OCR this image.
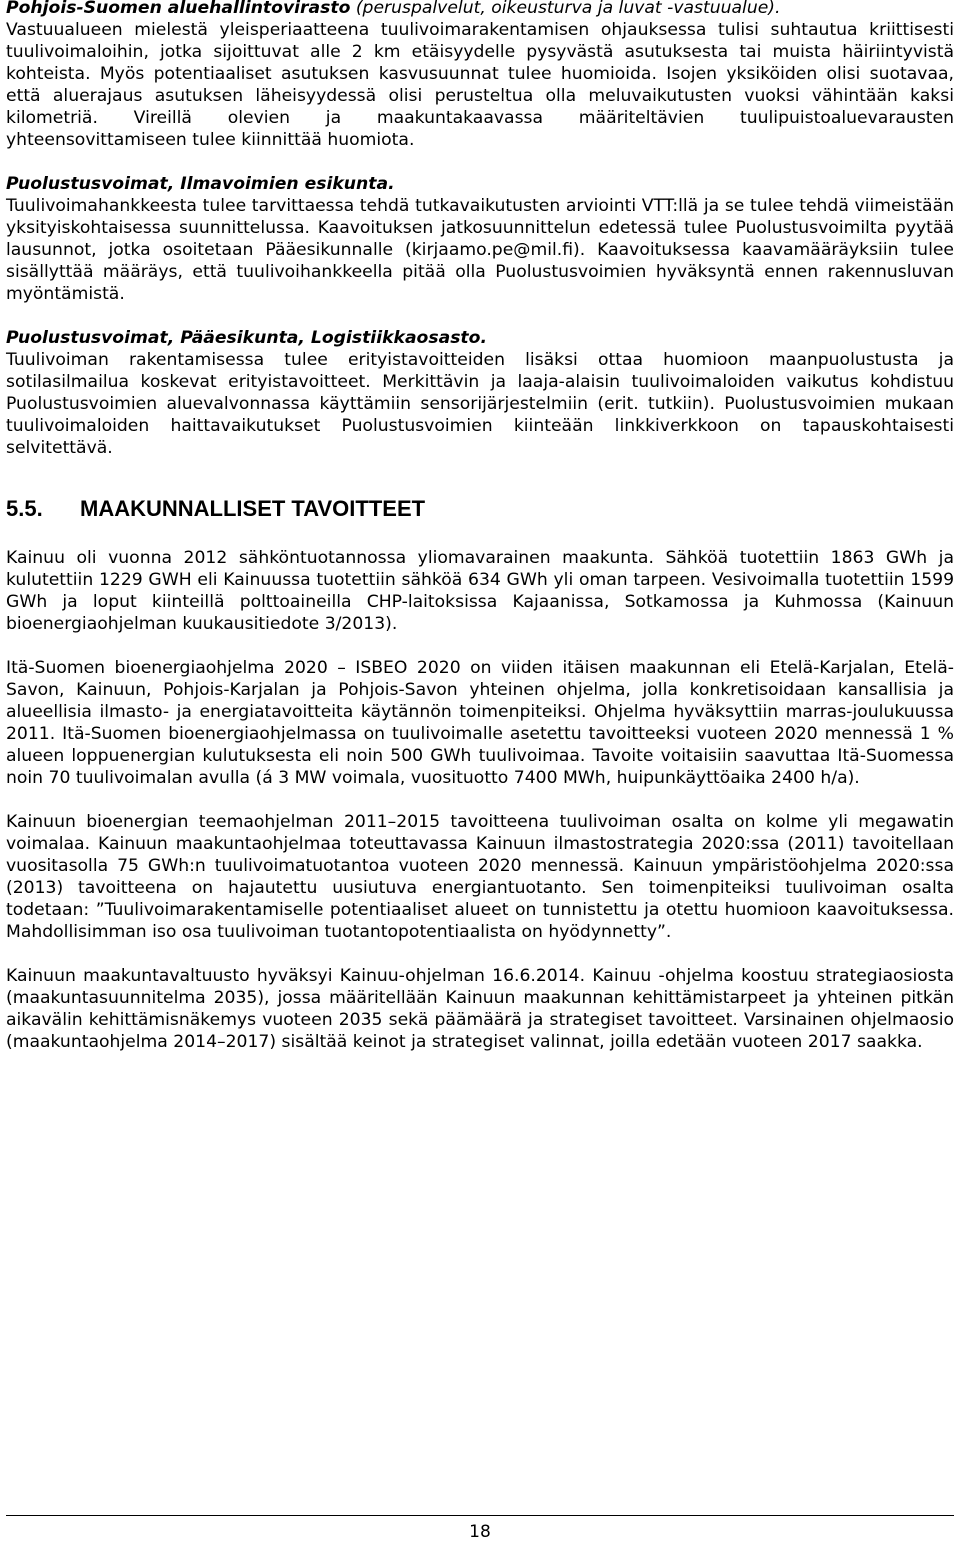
Pohjois-Suomen aluehallintovirasto (peruspalvelut, oikeusturva ja luvat -vastuualue).
Vastuualueen mielestä yleisperiaatteena tuulivoimarakentamisen ohjauksessa tulisi suhtautua kriittisesti tuulivoimaloihin, jotka sijoittuvat alle 2 km etäisyydelle pysyvästä asutuksesta tai muista häiriintyvistä kohteista. Myös potentiaaliset asutuksen kasvusuunnat tulee huomioida. Isojen yksiköiden olisi suotavaa, että aluerajaus asutuksen läheisyydessä olisi perusteltua olla meluvaikutusten vuoksi vähintään kaksi kilometriä. Vireillä olevien ja maakuntakaavassa määriteltävien tuulipuistoaluevarausten yhteensovittamiseen tulee kiinnittää huomiota.

Puolustusvoimat, Ilmavoimien esikunta.
Tuulivoimahankkeesta tulee tarvittaessa tehdä tutkavaikutusten arviointi VTT:llä ja se tulee tehdä viimeistään yksityiskohtaisessa suunnittelussa. Kaavoituksen jatkosuunnittelun edetessä tulee Puolustusvoimilta pyytää lausunnot, jotka osoitetaan Pääesikunnalle (kirjaamo.pe@mil.fi). Kaavoituksessa kaavamääräyksiin tulee sisällyttää määräys, että tuulivoihankkeella pitää olla Puolustusvoimien hyväksyntä ennen rakennusluvan myöntämistä.

Puolustusvoimat, Pääesikunta, Logistiikkaosasto.
Tuulivoiman rakentamisessa tulee erityistavoitteiden lisäksi ottaa huomioon maanpuolustusta ja sotilasilmailua koskevat erityistavoitteet. Merkittävin ja laaja-alaisin tuulivoimaloiden vaikutus kohdistuu Puolustusvoimien aluevalvonnassa käyttämiin sensorijärjestelmiin (erit. tutkiin). Puolustusvoimien mukaan tuulivoimaloiden haittavaikutukset Puolustusvoimien kiinteään linkkiverkkoon on tapauskohtaisesti selvitettävä.

5.5.	MAAKUNNALLISET TAVOITTEET

Kainuu oli vuonna 2012 sähköntuotannossa yliomavarainen maakunta. Sähköä tuotettiin 1863 GWh ja kulutettiin 1229 GWH eli Kainuussa tuotettiin sähköä 634 GWh yli oman tarpeen. Vesivoimalla tuotettiin 1599 GWh ja loput kiinteillä polttoaineilla CHP-laitoksissa Kajaanissa, Sotkamossa ja Kuhmossa (Kainuun bioenergiaohjelman kuukausitiedote 3/2013).

Itä-Suomen bioenergiaohjelma 2020 – ISBEO 2020 on viiden itäisen maakunnan eli Etelä-Karjalan, Etelä-Savon, Kainuun, Pohjois-Karjalan ja Pohjois-Savon yhteinen ohjelma, jolla konkretisoidaan kansallisia ja alueellisia ilmasto- ja energiatavoitteita käytännön toimenpiteiksi. Ohjelma hyväksyttiin marras-joulukuussa 2011. Itä-Suomen bioenergiaohjelmassa on tuulivoimalle asetettu tavoitteeksi vuoteen 2020 mennessä 1 % alueen loppuenergian kulutuksesta eli noin 500 GWh tuulivoimaa. Tavoite voitaisiin saavuttaa Itä-Suomessa noin 70 tuulivoimalan avulla (á 3 MW voimala, vuosituotto 7400 MWh, huipunkäyttöaika 2400 h/a).

Kainuun bioenergian teemaohjelman 2011–2015 tavoitteena tuulivoiman osalta on kolme yli megawatin voimalaa. Kainuun maakuntaohjelmaa toteuttavassa Kainuun ilmastostrategia 2020:ssa (2011) tavoitellaan vuositasolla 75 GWh:n tuulivoimatuotantoa vuoteen 2020 mennessä. Kainuun ympäristöohjelma 2020:ssa (2013) tavoitteena on hajautettu uusiutuva energiantuotanto. Sen toimenpiteiksi tuulivoiman osalta todetaan: ”Tuulivoimarakentamiselle potentiaaliset alueet on tunnistettu ja otettu huomioon kaavoituksessa. Mahdollisimman iso osa tuulivoiman tuotantopotentiaalista on hyödynnetty”.

Kainuun maakuntavaltuusto hyväksyi Kainuu-ohjelman 16.6.2014. Kainuu -ohjelma koostuu strategiaosiosta (maakuntasuunnitelma 2035), jossa määritellään Kainuun maakunnan kehittämistarpeet ja yhteinen pitkän aikavälin kehittämisnäkemys vuoteen 2035 sekä päämäärä ja strategiset tavoitteet. Varsinainen ohjelmaosio (maakuntaohjelma 2014–2017) sisältää keinot ja strategiset valinnat, joilla edetään vuoteen 2017 saakka.

18
